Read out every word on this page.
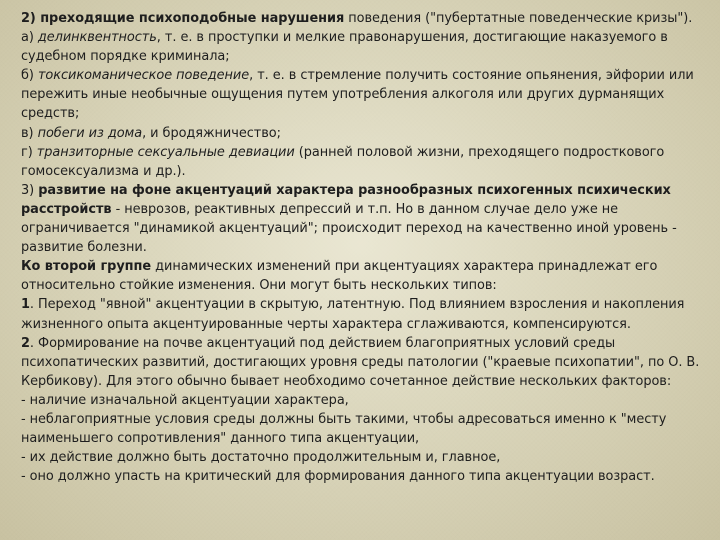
2) преходящие психоподобные нарушения поведения ("пубертатные поведенческие кризы").
а) делинквентность, т. е. в проступки и мелкие правонарушения, достигающие наказуемого в
судебном порядке криминала;
б) токсикоманическое поведение, т. е. в стремление получить состояние опьянения, эйфории или
пережить иные необычные ощущения путем употребления алкоголя или других дурманящих
средств;
в) побеги из дома, и бродяжничество;
г) транзиторные сексуальные девиации (ранней половой жизни, преходящего подросткового
гомосексуализма и др.).
3) развитие на фоне акцентуаций характера разнообразных психогенных психических
расстройств - неврозов, реактивных депрессий и т.п. Но в данном случае дело уже не
ограничивается "динамикой акцентуаций"; происходит переход на качественно иной уровень -
развитие болезни.
Ко второй группе динамических изменений при акцентуациях характера принадлежат его
относительно стойкие изменения. Они могут быть нескольких типов:
1. Переход "явной" акцентуации в скрытую, латентную. Под влиянием взросления и накопления
жизненного опыта акцентуированные черты характера сглаживаются, компенсируются.
2. Формирование на почве акцентуаций под действием благоприятных условий среды
психопатических развитий, достигающих уровня среды патологии ("краевые психопатии", по О. В.
Кербикову). Для этого обычно бывает необходимо сочетанное действие нескольких факторов:
- наличие изначальной акцентуации характера,
- неблагоприятные условия среды должны быть такими, чтобы адресоваться именно к "месту
наименьшего сопротивления" данного типа акцентуации,
- их действие должно быть достаточно продолжительным и, главное,
- оно должно упасть на критический для формирования данного типа акцентуации возраст.
